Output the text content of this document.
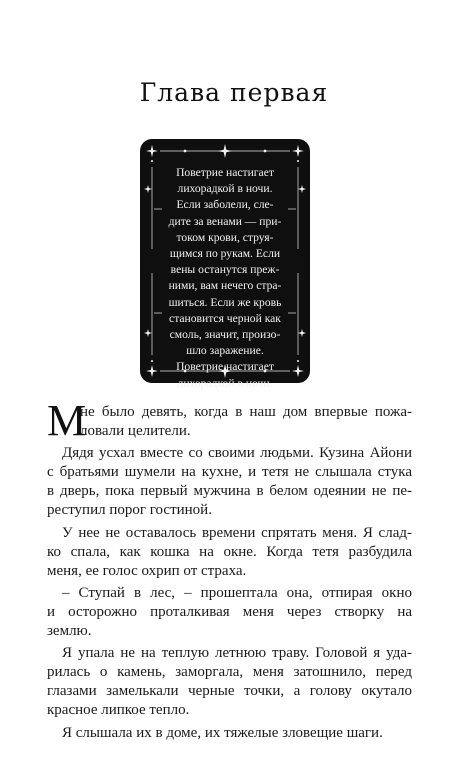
Глава первая
Поветрие настигает
лихорадкой в ночи.
Если заболели, сле-
дите за венами — при-
током крови, струя-
щимся по рукам. Если
вены останутся преж-
ними, вам нечего стра-
шиться. Если же кровь
становится черной как
смоль, значит, произо-
шло заражение.
Поветрие настигает
лихорадкой в ночи.
М
не было девять, когда в наш дом впервые пожа-
ловали целители.
Дядя усхал вместе со своими людьми. Кузина Айони
с братьями шумели на кухне, и тетя не слышала стука
в дверь, пока первый мужчина в белом одеянии не пе-
реступил порог гостиной.
У нее не оставалось времени спрятать меня. Я слад-
ко спала, как кошка на окне. Когда тетя разбудила
меня, ее голос охрип от страха.
– Ступай в лес, – прошептала она, отпирая окно
и осторожно проталкивая меня через створку на
землю.
Я упала не на теплую летнюю траву. Головой я уда-
рилась о камень, заморгала, меня затошнило, перед
глазами замелькали черные точки, а голову окутало
красное липкое тепло.
Я слышала их в доме, их тяжелые зловещие шаги.
